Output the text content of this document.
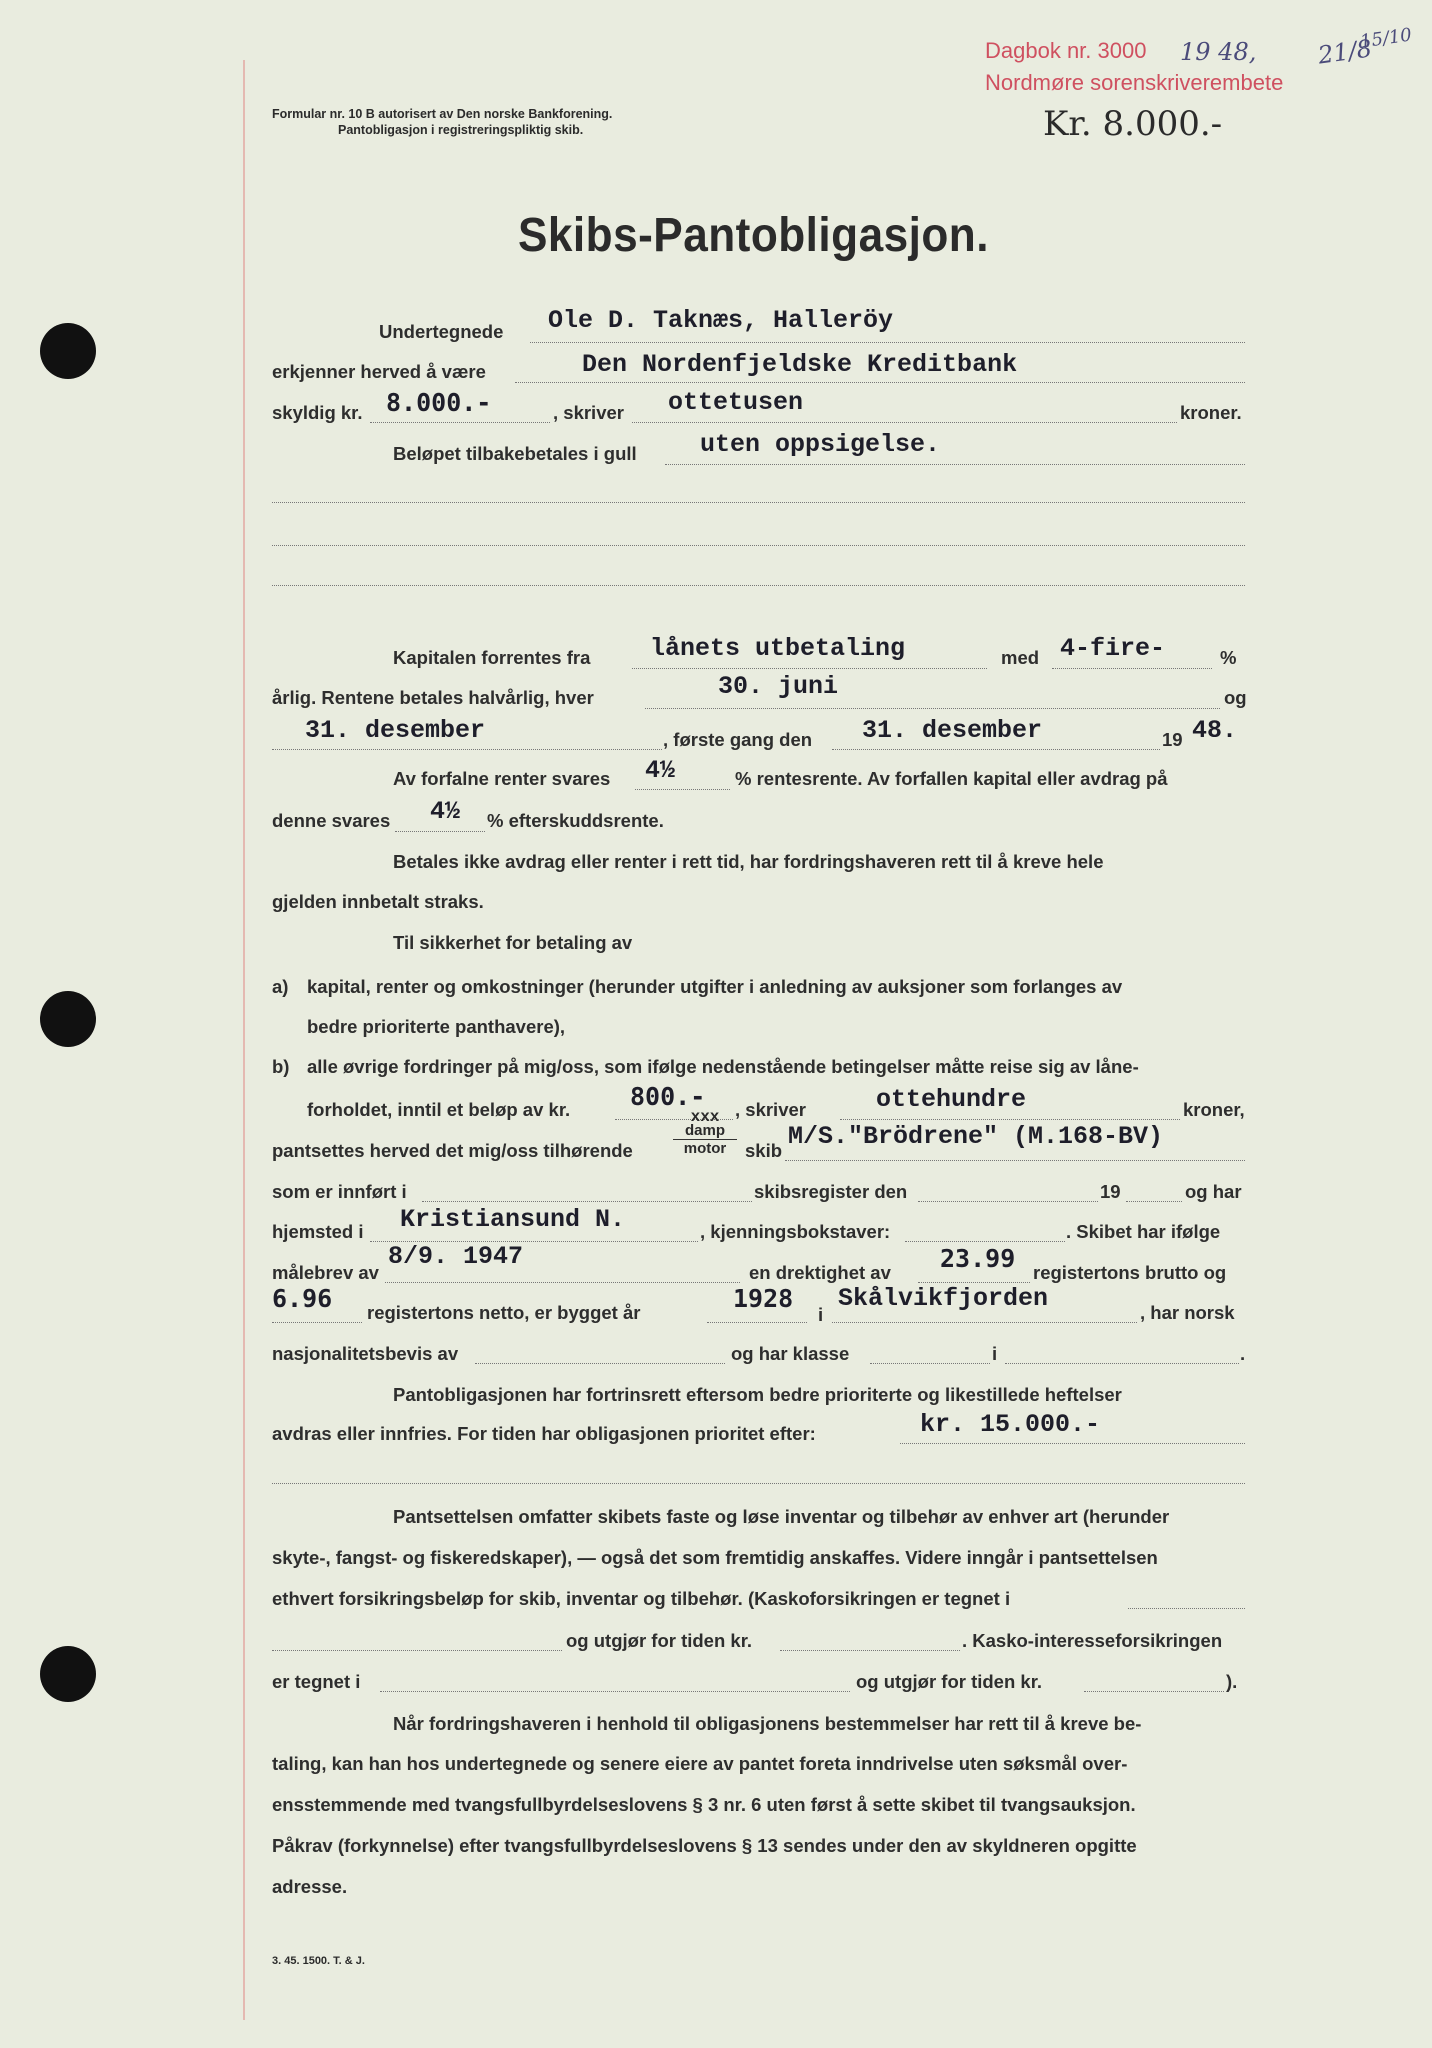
Dagbok nr. 3000 19 48,
Nordmøre sorenskriverembete
21/8
15/10
Formular nr. 10 B autorisert av Den norske Bankforening.
Pantobligasjon i registreringspliktig skib.	Kr. 8.000.-
Skibs-Pantobligasjon.
Undertegnede Ole D. Taknæs, Halleröy
erkjenner herved å være	Den Nordenfjeldske Kreditbank
skyldig kr. 8.000.-	, skriver ottetusen	kroner.
Beløpet tilbakebetales i gull	uten oppsigelse.
Kapitalen forrentes fra lånets utbetaling	med 4-fire-	%
årlig. Rentene betales halvårlig, hver	30. juni	og
31. desember	, første gang den 31. desember	19 48.
Av forfalne renter svares 4½	% rentesrente. Av forfallen kapital eller avdrag på
denne svares 4½ % efterskuddsrente.
Betales ikke avdrag eller renter i rett tid, har fordringshaveren rett til å kreve hele
gjelden innbetalt straks.
Til sikkerhet for betaling av
a) kapital, renter og omkostninger (herunder utgifter i anledning av auksjoner som forlanges av
bedre prioriterte panthavere),
b) alle øvrige fordringer på mig/oss, som ifølge nedenstående betingelser måtte reise sig av låne-
forholdet, inntil et beløp av kr. 800.- , skriver	ottehundre	kroner,
pantsettes herved det mig/oss tilhørende
xxx
damp
motor	skib M/S."Brödrene" (M.168-BV)
som er innført i	skibsregister den	19	og har
hjemsted i Kristiansund N.	, kjenningsbokstaver:	. Skibet har ifølge
målebrev av
8/9. 1947
en drektighet av 23.99 registertons brutto og
6.96 registertons netto, er bygget år	1928
i
Skålvikfjorden	, har norsk
nasjonalitetsbevis av	og har klasse	i	.
Pantobligasjonen har fortrinsrett eftersom bedre prioriterte og likestillede heftelser
avdras eller innfries. For tiden har obligasjonen prioritet efter:	kr. 15.000.-
Pantsettelsen omfatter skibets faste og løse inventar og tilbehør av enhver art (herunder
skyte-, fangst- og fiskeredskaper), — også det som fremtidig anskaffes. Videre inngår i pantsettelsen
ethvert forsikringsbeløp for skib, inventar og tilbehør. (Kaskoforsikringen er tegnet i
og utgjør for tiden kr.	. Kasko-interesseforsikringen
er tegnet i	og utgjør for tiden kr.	).
Når fordringshaveren i henhold til obligasjonens bestemmelser har rett til å kreve be-
taling, kan han hos undertegnede og senere eiere av pantet foreta inndrivelse uten søksmål over-
ensstemmende med tvangsfullbyrdelseslovens § 3 nr. 6 uten først å sette skibet til tvangsauksjon.
Påkrav (forkynnelse) efter tvangsfullbyrdelseslovens § 13 sendes under den av skyldneren opgitte
adresse.
3. 45. 1500. T. & J.
